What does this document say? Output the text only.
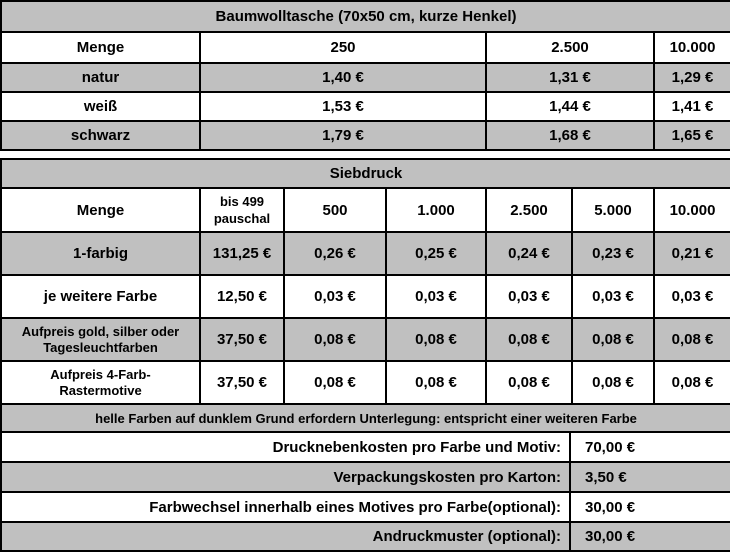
Baumwolltasche (70x50 cm, kurze Henkel)			
Menge	250	2.500	10.000
natur	1,40 €	1,31 €	1,29 €
weiß	1,53 €	1,44 €	1,41 €
schwarz	1,79 €	1,68 €	1,65 €
Siebdruck						
Menge	bis 499 pauschal	500	1.000	2.500	5.000	10.000
1-farbig	131,25 €	0,26 €	0,25 €	0,24 €	0,23 €	0,21 €
je weitere Farbe	12,50 €	0,03 €	0,03 €	0,03 €	0,03 €	0,03 €
Aufpreis gold, silber oder Tagesleuchtfarben	37,50 €	0,08 €	0,08 €	0,08 €	0,08 €	0,08 €
Aufpreis 4-Farb-Rastermotive	37,50 €	0,08 €	0,08 €	0,08 €	0,08 €	0,08 €
helle Farben auf dunklem Grund erfordern Unterlegung: entspricht einer weiteren Farbe						
Drucknebenkosten pro Farbe und Motiv:	70,00 €
Verpackungskosten pro Karton:	3,50 €
Farbwechsel innerhalb eines Motives pro Farbe(optional):	30,00 €
Andruckmuster (optional):	30,00 €
